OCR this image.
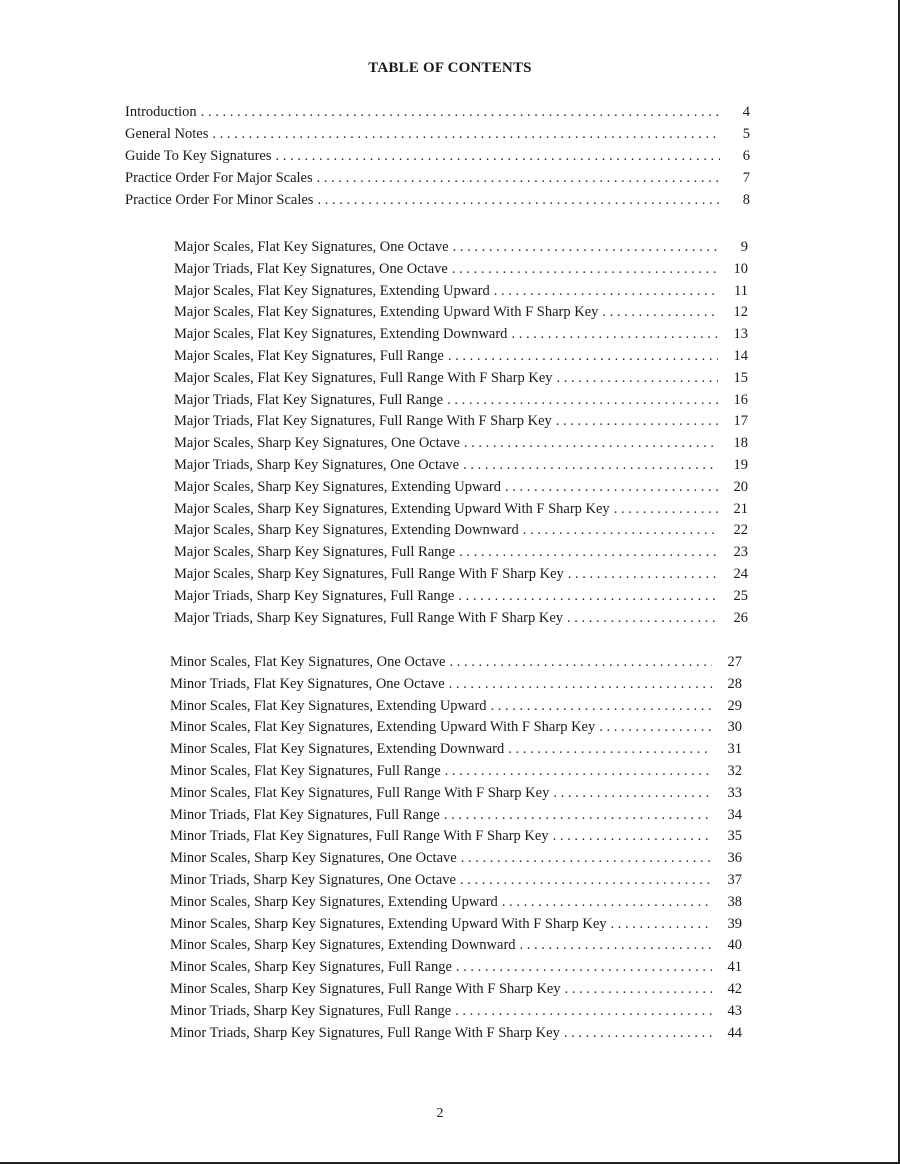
TABLE OF CONTENTS
Introduction . . .	4
General Notes . . .	5
Guide To Key Signatures . . .	6
Practice Order For Major Scales . . .	7
Practice Order For Minor Scales . . .	8
Major Scales, Flat Key Signatures, One Octave . . .	9
Major Triads, Flat Key Signatures, One Octave . . .	10
Major Scales, Flat Key Signatures, Extending Upward . . .	11
Major Scales, Flat Key Signatures, Extending Upward With F Sharp Key . . .	12
Major Scales, Flat Key Signatures, Extending Downward . . .	13
Major Scales, Flat Key Signatures, Full Range . . .	14
Major Scales, Flat Key Signatures, Full Range With F Sharp Key . . .	15
Major Triads, Flat Key Signatures, Full Range . . .	16
Major Triads, Flat Key Signatures, Full Range With F Sharp Key . . .	17
Major Scales, Sharp Key Signatures, One Octave . . .	18
Major Triads, Sharp Key Signatures, One Octave . . .	19
Major Scales, Sharp Key Signatures, Extending Upward . . .	20
Major Scales, Sharp Key Signatures, Extending Upward With F Sharp Key . . .	21
Major Scales, Sharp Key Signatures, Extending Downward . . .	22
Major Scales, Sharp Key Signatures, Full Range . . .	23
Major Scales, Sharp Key Signatures, Full Range With F Sharp Key . . .	24
Major Triads, Sharp Key Signatures, Full Range . . .	25
Major Triads, Sharp Key Signatures, Full Range With F Sharp Key . . .	26
Minor Scales, Flat Key Signatures, One Octave . . .	27
Minor Triads, Flat Key Signatures, One Octave . . .	28
Minor Scales, Flat Key Signatures, Extending Upward . . .	29
Minor Scales, Flat Key Signatures, Extending Upward With F Sharp Key . . .	30
Minor Scales, Flat Key Signatures, Extending Downward . . .	31
Minor Scales, Flat Key Signatures, Full Range . . .	32
Minor Scales, Flat Key Signatures, Full Range With F Sharp Key . . .	33
Minor Triads, Flat Key Signatures, Full Range . . .	34
Minor Triads, Flat Key Signatures, Full Range With F Sharp Key . . .	35
Minor Scales, Sharp Key Signatures, One Octave . . .	36
Minor Triads, Sharp Key Signatures, One Octave . . .	37
Minor Scales, Sharp Key Signatures, Extending Upward . . .	38
Minor Scales, Sharp Key Signatures, Extending Upward With F Sharp Key . . .	39
Minor Scales, Sharp Key Signatures, Extending Downward . . .	40
Minor Scales, Sharp Key Signatures, Full Range . . .	41
Minor Scales, Sharp Key Signatures, Full Range With F Sharp Key . . .	42
Minor Triads, Sharp Key Signatures, Full Range . . .	43
Minor Triads, Sharp Key Signatures, Full Range With F Sharp Key . . .	44
2
